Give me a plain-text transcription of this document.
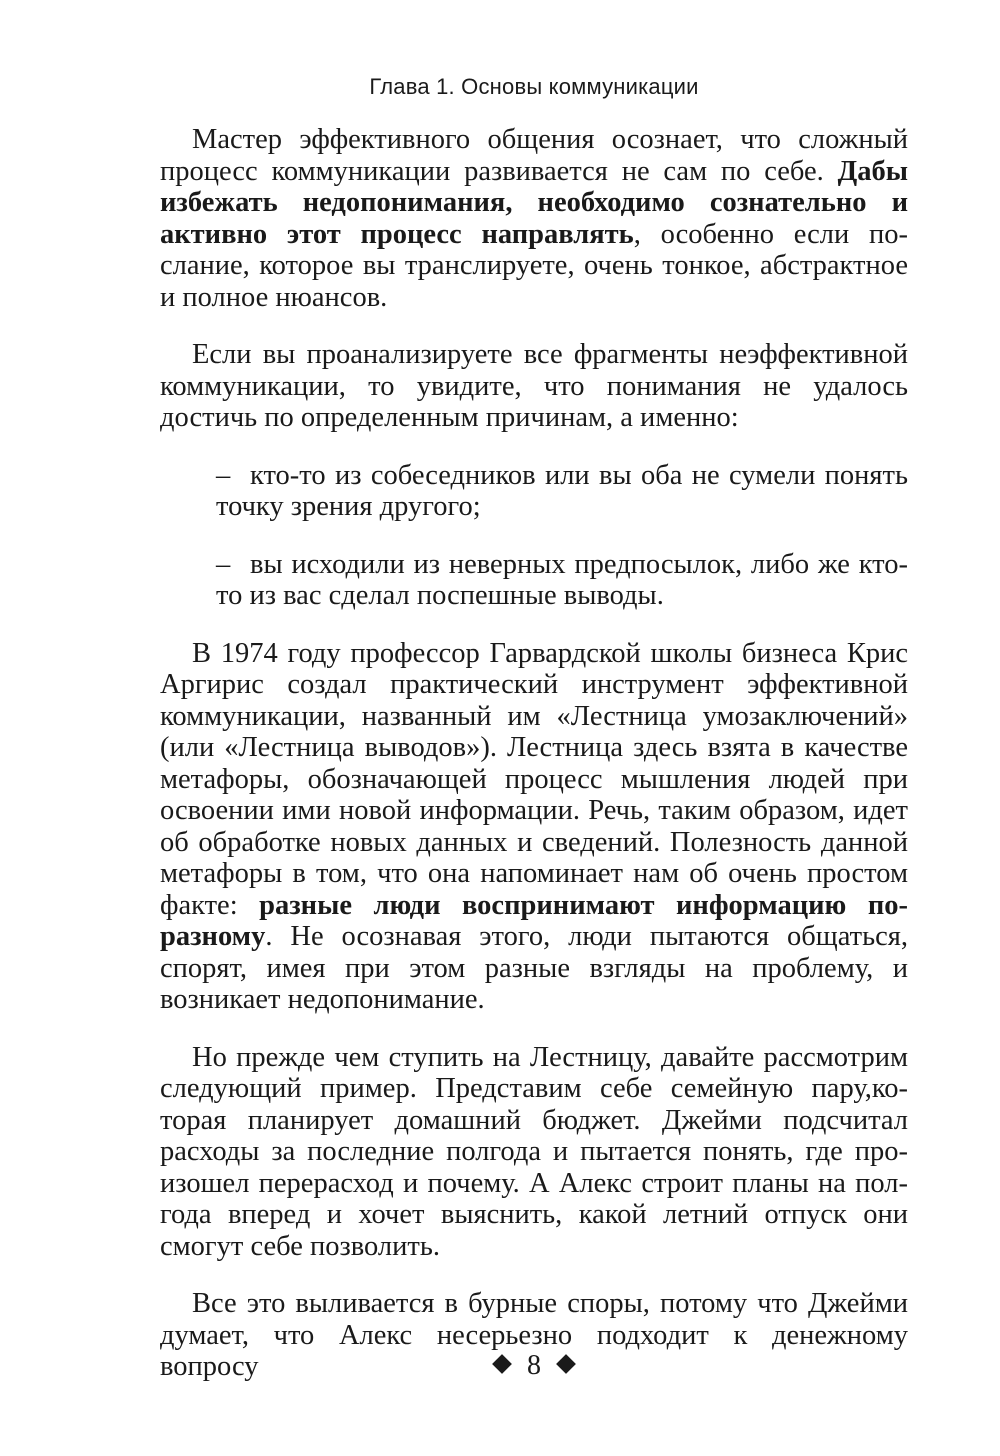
Глава 1. Основы коммуникации

Мастер эффективного общения осознает, что сложный процесс коммуникации развивается не сам по себе. Дабы избежать недопонимания, необходимо сознательно и активно этот процесс направлять, особенно если послание, которое вы транслируете, очень тонкое, абстрактное и полное нюансов.

Если вы проанализируете все фрагменты неэффективной коммуникации, то увидите, что понимания не удалось достичь по определенным причинам, а именно:

– кто-то из собеседников или вы оба не сумели понять точку зрения другого;
– вы исходили из неверных предпосылок, либо же кто-то из вас сделал поспешные выводы.

В 1974 году профессор Гарвардской школы бизнеса Крис Аргирис создал практический инструмент эффективной коммуникации, названный им «Лестница умозаключений» (или «Лестница выводов»). Лестница здесь взята в качестве метафоры, обозначающей процесс мышления людей при освоении ими новой информации. Речь, таким образом, идет об обработке новых данных и сведений. Полезность данной метафоры в том, что она напоминает нам об очень простом факте: разные люди воспринимают информацию по-разному. Не осознавая этого, люди пытаются общаться, спорят, имея при этом разные взгляды на проблему, и возникает недопонимание.

Но прежде чем ступить на Лестницу, давайте рассмотрим следующий пример. Представим себе семейную пару,которая планирует домашний бюджет. Джейми подсчитал расходы за последние полгода и пытается понять, где произошел перерасход и почему. А Алекс строит планы на полгода вперед и хочет выяснить, какой летний отпуск они смогут себе позволить.

Все это выливается в бурные споры, потому что Джейми думает, что Алекс несерьезно подходит к денежному вопросу	8
